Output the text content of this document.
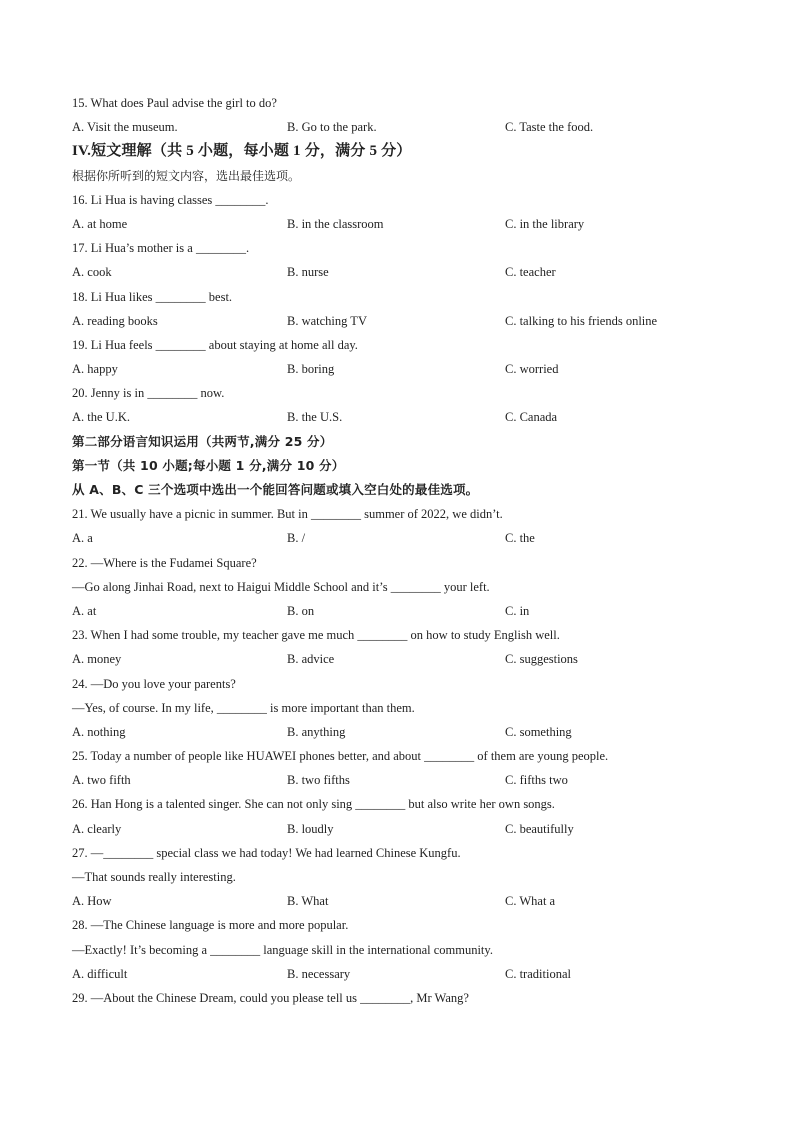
15. What does Paul advise the girl to do?
A. Visit the museum.	B. Go to the park.	C. Taste the food.
IV.短文理解（共 5 小题，每小题 1 分，满分 5 分）
根据你所听到的短文内容，选出最佳选项。
16. Li Hua is having classes ________.
A. at home	B. in the classroom	C. in the library
17. Li Hua’s mother is a ________.
A. cook	B. nurse	C. teacher
18. Li Hua likes ________ best.
A. reading books	B. watching TV	C. talking to his friends online
19. Li Hua feels ________ about staying at home all day.
A. happy	B. boring	C. worried
20. Jenny is in ________ now.
A. the U.K.	B. the U.S.	C. Canada
第二部分语言知识运用（共两节,满分 25 分）
第一节（共 10 小题;每小题 1 分,满分 10 分）
从 A、B、C 三个选项中选出一个能回答问题或填入空白处的最佳选项。
21. We usually have a picnic in summer. But in ________ summer of 2022, we didn’t.
A. a	B. /	C. the
22. —Where is the Fudamei Square?
—Go along Jinhai Road, next to Haigui Middle School and it’s ________ your left.
A. at	B. on	C. in
23. When I had some trouble, my teacher gave me much ________ on how to study English well.
A. money	B. advice	C. suggestions
24. —Do you love your parents?
—Yes, of course. In my life, ________ is more important than them.
A. nothing	B. anything	C. something
25. Today a number of people like HUAWEI phones better, and about ________ of them are young people.
A. two fifth	B. two fifths	C. fifths two
26. Han Hong is a talented singer. She can not only sing ________ but also write her own songs.
A. clearly	B. loudly	C. beautifully
27. —________ special class we had today! We had learned Chinese Kungfu.
—That sounds really interesting.
A. How	B. What	C. What a
28. —The Chinese language is more and more popular.
—Exactly! It’s becoming a ________ language skill in the international community.
A. difficult	B. necessary	C. traditional
29. —About the Chinese Dream, could you please tell us ________, Mr Wang?
